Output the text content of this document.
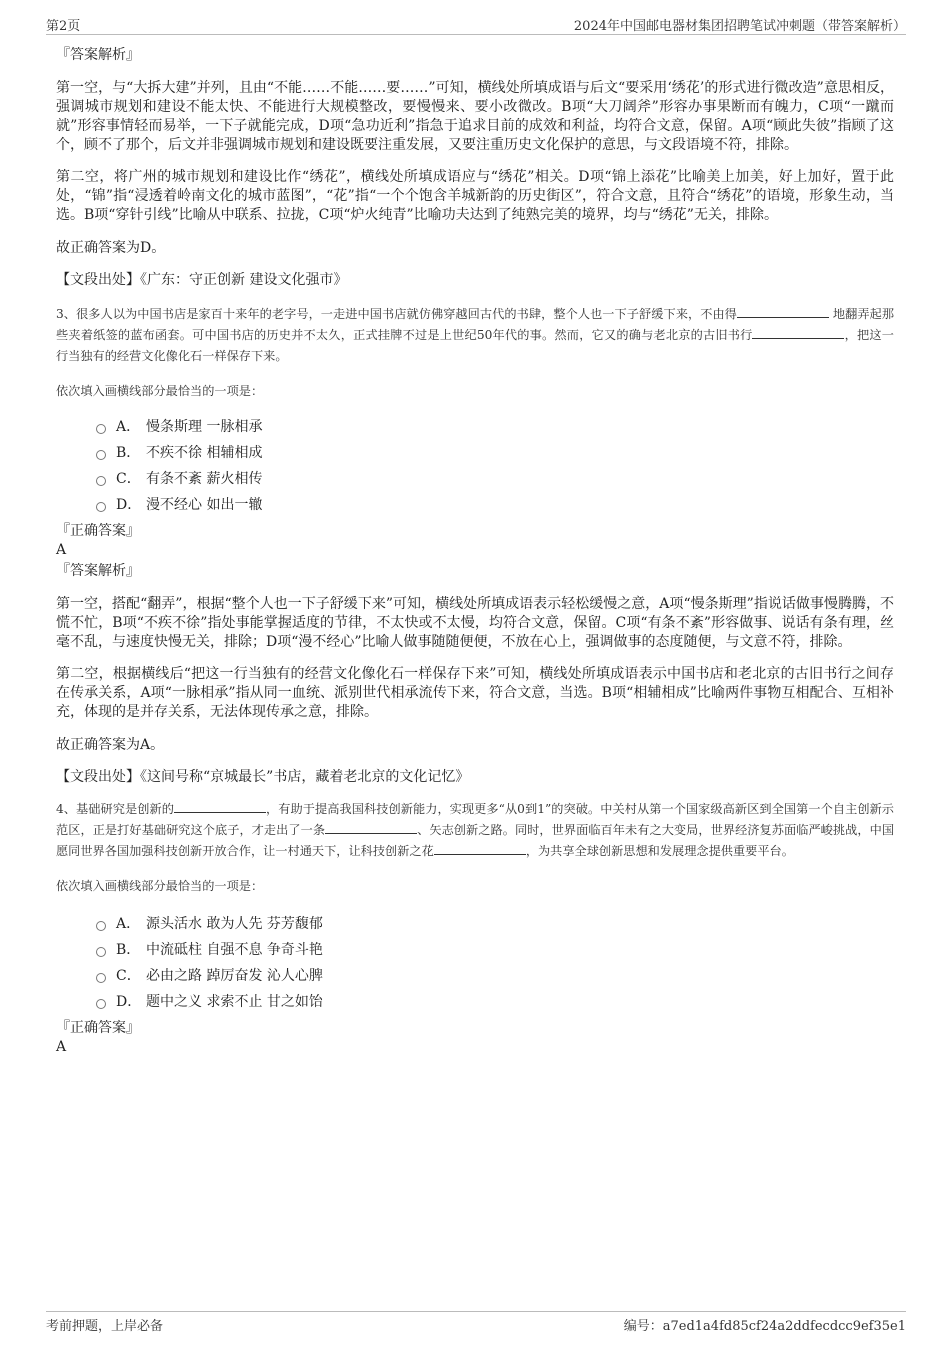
第2页	2024年中国邮电器材集团招聘笔试冲刺题（带答案解析）

『答案解析』

第一空，与“大拆大建”并列，且由“不能……不能……要……”可知，横线处所填成语与后文“要采用‘绣花’的形式进行微改造”意思相反，强调城市规划和建设不能太快、不能进行大规模整改，要慢慢来、要小改微改。B项“大刀阔斧”形容办事果断而有魄力，C项“一蹴而就”形容事情轻而易举，一下子就能完成，D项“急功近利”指急于追求目前的成效和利益，均符合文意，保留。A项“顾此失彼”指顾了这个，顾不了那个，后文并非强调城市规划和建设既要注重发展，又要注重历史文化保护的意思，与文段语境不符，排除。

第二空，将广州的城市规划和建设比作“绣花”，横线处所填成语应与“绣花”相关。D项“锦上添花”比喻美上加美，好上加好，置于此处，“锦”指“浸透着岭南文化的城市蓝图”，“花”指“一个个饱含羊城新韵的历史街区”，符合文意，且符合“绣花”的语境，形象生动，当选。B项“穿针引线”比喻从中联系、拉拢，C项“炉火纯青”比喻功夫达到了纯熟完美的境界，均与“绣花”无关，排除。

故正确答案为D。

【文段出处】《广东：守正创新 建设文化强市》

3、很多人以为中国书店是家百十来年的老字号，一走进中国书店就仿佛穿越回古代的书肆，整个人也一下子舒缓下来，不由得	地翻弄起那些夹着纸签的蓝布函套。可中国书店的历史并不太久，正式挂牌不过是上世纪50年代的事。然而，它又的确与老北京的古旧书行	，把这一行当独有的经营文化像化石一样保存下来。

依次填入画横线部分最恰当的一项是：

A． 慢条斯理 一脉相承
B． 不疾不徐 相辅相成
C． 有条不紊 薪火相传
D． 漫不经心 如出一辙

『正确答案』

A

『答案解析』

第一空，搭配“翻弄”，根据“整个人也一下子舒缓下来”可知，横线处所填成语表示轻松缓慢之意，A项“慢条斯理”指说话做事慢腾腾，不慌不忙，B项“不疾不徐”指处事能掌握适度的节律，不太快或不太慢，均符合文意，保留。C项“有条不紊”形容做事、说话有条有理，丝毫不乱，与速度快慢无关，排除；D项“漫不经心”比喻人做事随随便便，不放在心上，强调做事的态度随便，与文意不符，排除。

第二空，根据横线后“把这一行当独有的经营文化像化石一样保存下来”可知，横线处所填成语表示中国书店和老北京的古旧书行之间存在传承关系，A项“一脉相承”指从同一血统、派别世代相承流传下来，符合文意，当选。B项“相辅相成”比喻两件事物互相配合、互相补充，体现的是并存关系，无法体现传承之意，排除。

故正确答案为A。

【文段出处】《这间号称“京城最长”书店，藏着老北京的文化记忆》

4、基础研究是创新的	，有助于提高我国科技创新能力，实现更多“从0到1”的突破。中关村从第一个国家级高新区到全国第一个自主创新示范区，正是打好基础研究这个底子，才走出了一条	、矢志创新之路。同时，世界面临百年未有之大变局，世界经济复苏面临严峻挑战，中国愿同世界各国加强科技创新开放合作，让一村通天下，让科技创新之花	，为共享全球创新思想和发展理念提供重要平台。

依次填入画横线部分最恰当的一项是：

A． 源头活水 敢为人先 芬芳馥郁
B． 中流砥柱 自强不息 争奇斗艳
C． 必由之路 踔厉奋发 沁人心脾
D． 题中之义 求索不止 甘之如饴

『正确答案』

A

考前押题，上岸必备	编号：a7ed1a4fd85cf24a2ddfecdcc9ef35e1
